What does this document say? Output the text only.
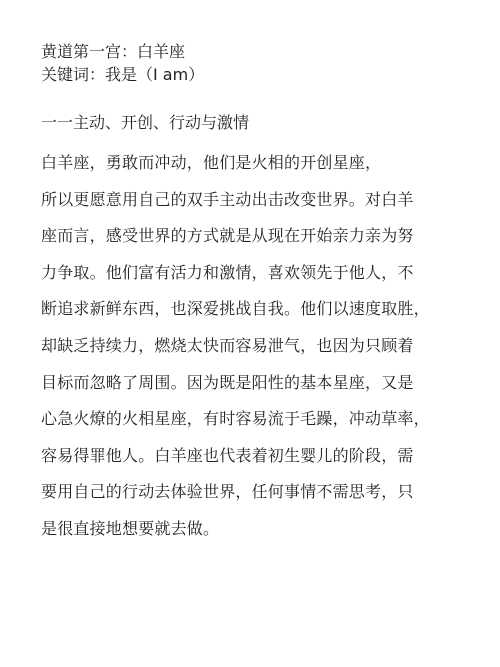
黄道第一宫：白羊座
关键词：我是（I am）
一一主动、开创、行动与激情
白羊座，勇敢而冲动，他们是火相的开创星座，
所以更愿意用自己的双手主动出击改变世界。对白羊
座而言，感受世界的方式就是从现在开始亲力亲为努
力争取。他们富有活力和激情，喜欢领先于他人，不
断追求新鲜东西，也深爱挑战自我。他们以速度取胜，
却缺乏持续力，燃烧太快而容易泄气，也因为只顾着
目标而忽略了周围。因为既是阳性的基本星座，又是
心急火燎的火相星座，有时容易流于毛躁，冲动草率，
容易得罪他人。白羊座也代表着初生婴儿的阶段，需
要用自己的行动去体验世界，任何事情不需思考，只
是很直接地想要就去做。
